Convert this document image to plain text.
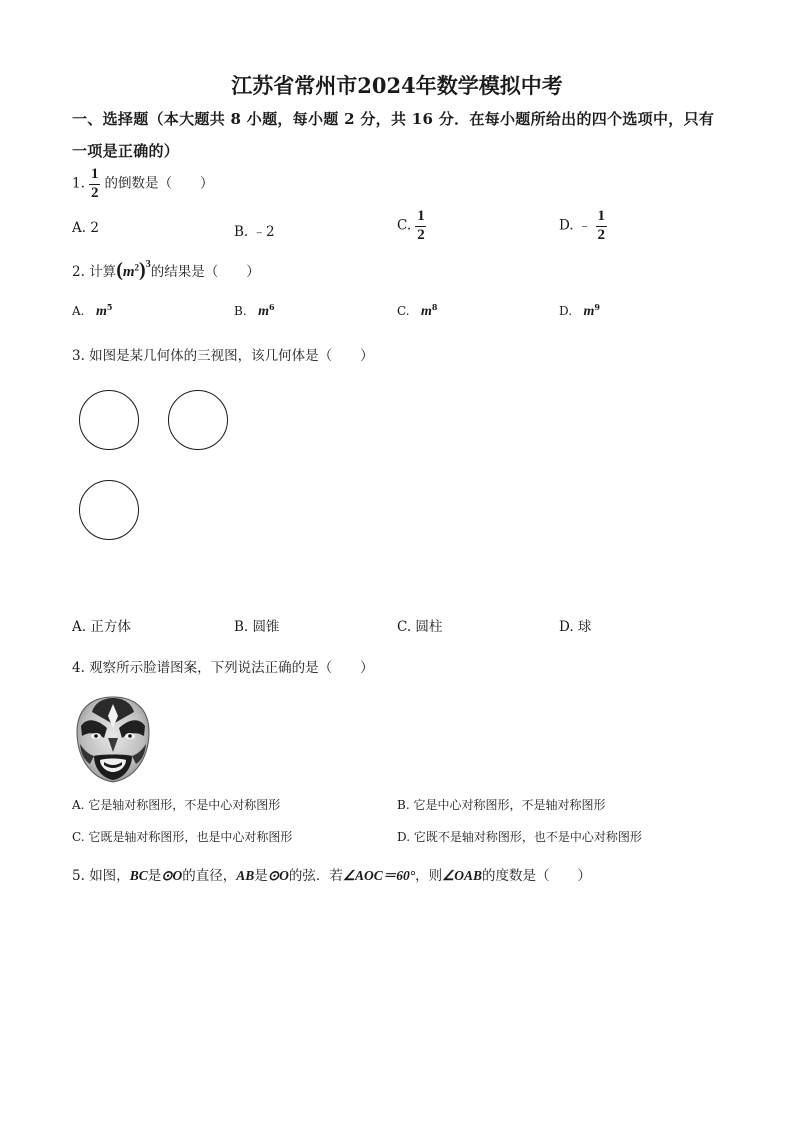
江苏省常州市2024年数学模拟中考
一、选择题（本大题共 8 小题，每小题 2 分，共 16 分．在每小题所给出的四个选项中，只有
一项是正确的）
1. $\frac{1}{2}$ 的倒数是（ ）
A. 2	B. ﹣2	C. $\frac{1}{2}$	D. ﹣ $\frac{1}{2}$
2. 计算$(m^2)^3$的结果是（ ）
A. $m^5$	B. $m^6$	C. $m^8$	D. $m^9$
3. 如图是某几何体的三视图，该几何体是（ ）
A. 正方体	B. 圆锥	C. 圆柱	D. 球
4. 观察所示脸谱图案，下列说法正确的是（ ）
A. 它是轴对称图形，不是中心对称图形	B. 它是中心对称图形，不是轴对称图形
C. 它既是轴对称图形，也是中心对称图形	D. 它既不是轴对称图形，也不是中心对称图形
5. 如图，BC是⊙O的直径，AB是⊙O的弦．若∠AOC＝60°，则∠OAB的度数是（ ）
